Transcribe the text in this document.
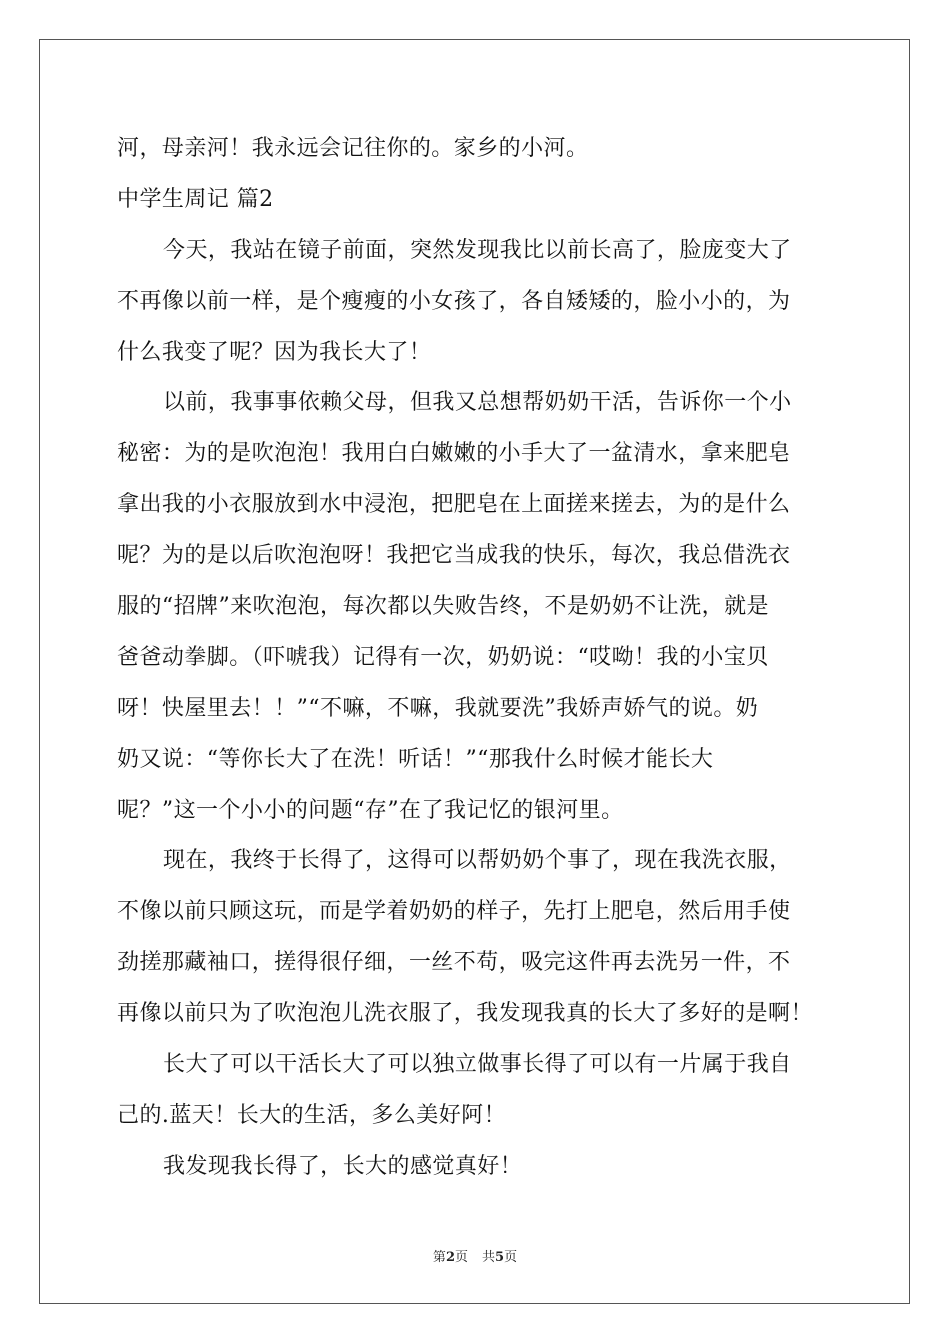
河，母亲河！我永远会记往你的。家乡的小河。
中学生周记 篇2
今天，我站在镜子前面，突然发现我比以前长高了，脸庞变大了
不再像以前一样，是个瘦瘦的小女孩了，各自矮矮的，脸小小的，为
什么我变了呢？因为我长大了！
以前，我事事依赖父母，但我又总想帮奶奶干活，告诉你一个小
秘密：为的是吹泡泡！我用白白嫩嫩的小手大了一盆清水，拿来肥皂
拿出我的小衣服放到水中浸泡，把肥皂在上面搓来搓去，为的是什么
呢？为的是以后吹泡泡呀！我把它当成我的快乐，每次，我总借洗衣
服的“招牌”来吹泡泡，每次都以失败告终，不是奶奶不让洗，就是
爸爸动拳脚。（吓唬我）记得有一次，奶奶说：“哎呦！我的小宝贝
呀！快屋里去！！”“不嘛，不嘛，我就要洗”我娇声娇气的说。奶
奶又说：“等你长大了在洗！听话！”“那我什么时候才能长大
呢？”这一个小小的问题“存”在了我记忆的银河里。
现在，我终于长得了，这得可以帮奶奶个事了，现在我洗衣服，
不像以前只顾这玩，而是学着奶奶的样子，先打上肥皂，然后用手使
劲搓那藏袖口，搓得很仔细，一丝不苟，吸完这件再去洗另一件，不
再像以前只为了吹泡泡儿洗衣服了，我发现我真的长大了多好的是啊！
长大了可以干活长大了可以独立做事长得了可以有一片属于我自
己的.蓝天！长大的生活，多么美好阿！
我发现我长得了，长大的感觉真好！
第2页 共5页
